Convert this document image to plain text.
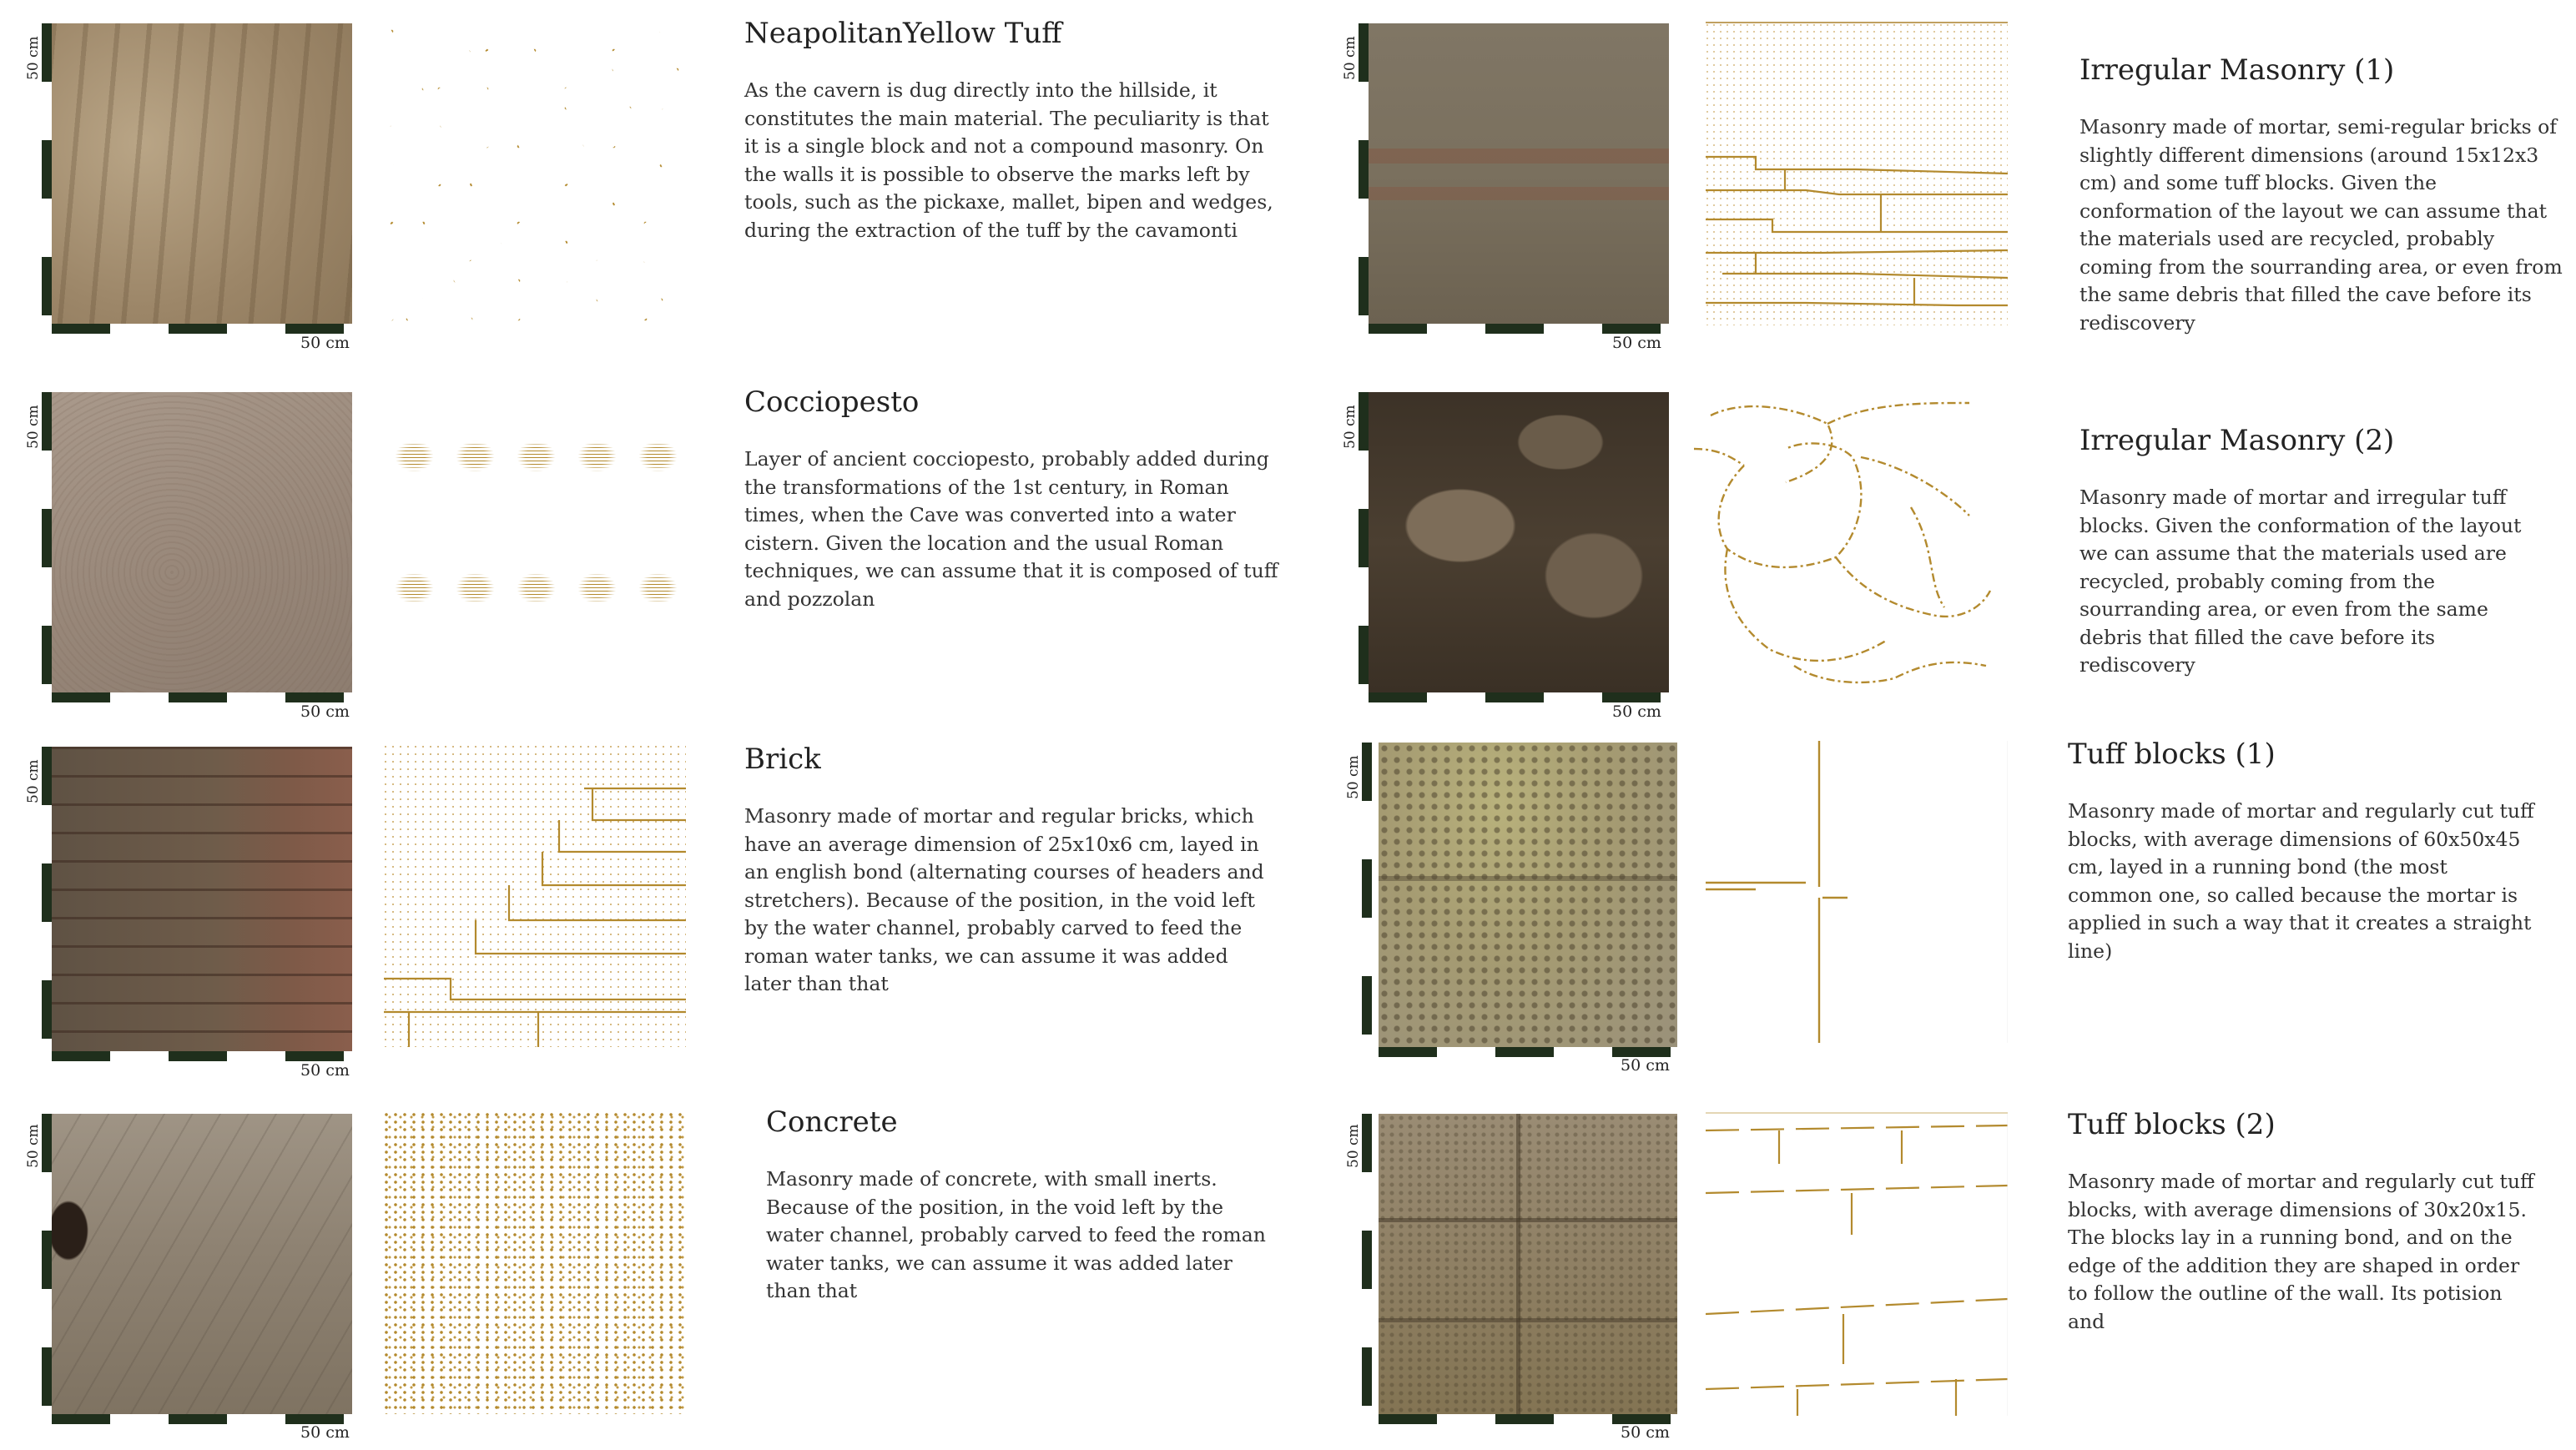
50 cm
50 cm
NeapolitanYellow Tuff
As the cavern is dug directly into the hillside, it constitutes the main material. The peculiarity is that it is a single block and not a compound masonry. On the walls it is possible to observe the marks left by tools, such as the pickaxe, mallet, bipen and wedges, during the extraction of the tuff by the cavamonti
50 cm
50 cm
Cocciopesto
Layer of ancient cocciopesto, probably added during the transformations of the 1st century, in Roman times, when the Cave was converted into a water cistern. Given the location and the usual Roman techniques, we can assume that it is composed of tuff and pozzolan
50 cm
50 cm
Brick
Masonry made of mortar and regular bricks, which have an average dimension of 25x10x6 cm, layed in an english bond (alternating courses of headers and stretchers). Because of the position, in the void left by the water channel, probably carved to feed the roman water tanks, we can assume it was added later than that
50 cm
50 cm
Concrete
Masonry made of concrete, with small inerts. Because of the position, in the void left by the water channel, probably carved to feed the roman water tanks, we can assume it was added later than that
50 cm
50 cm
Irregular Masonry (1)
Masonry made of mortar, semi-regular bricks of slightly different dimensions (around 15x12x3 cm) and some tuff blocks. Given the conformation of the layout we can assume that the materials used are recycled, probably coming from the sourranding area, or even from the same debris that filled the cave before its rediscovery
50 cm
50 cm
Irregular Masonry (2)
Masonry made of mortar and irregular tuff blocks. Given the conformation of the layout we can assume that the materials used are recycled, probably coming from the sourranding area, or even from the same debris that filled the cave before its rediscovery
50 cm
50 cm
Tuff blocks (1)
Masonry made of mortar and regularly cut tuff blocks, with average dimensions of 60x50x45 cm, layed in a running bond (the most common one, so called because the mortar is applied in such a way that it creates a straight line)
50 cm
50 cm
Tuff blocks (2)
Masonry made of mortar and regularly cut tuff blocks, with average dimensions of 30x20x15. The blocks lay in a running bond, and on the edge of the addition they are shaped in order to follow the outline of the wall. Its potision and
